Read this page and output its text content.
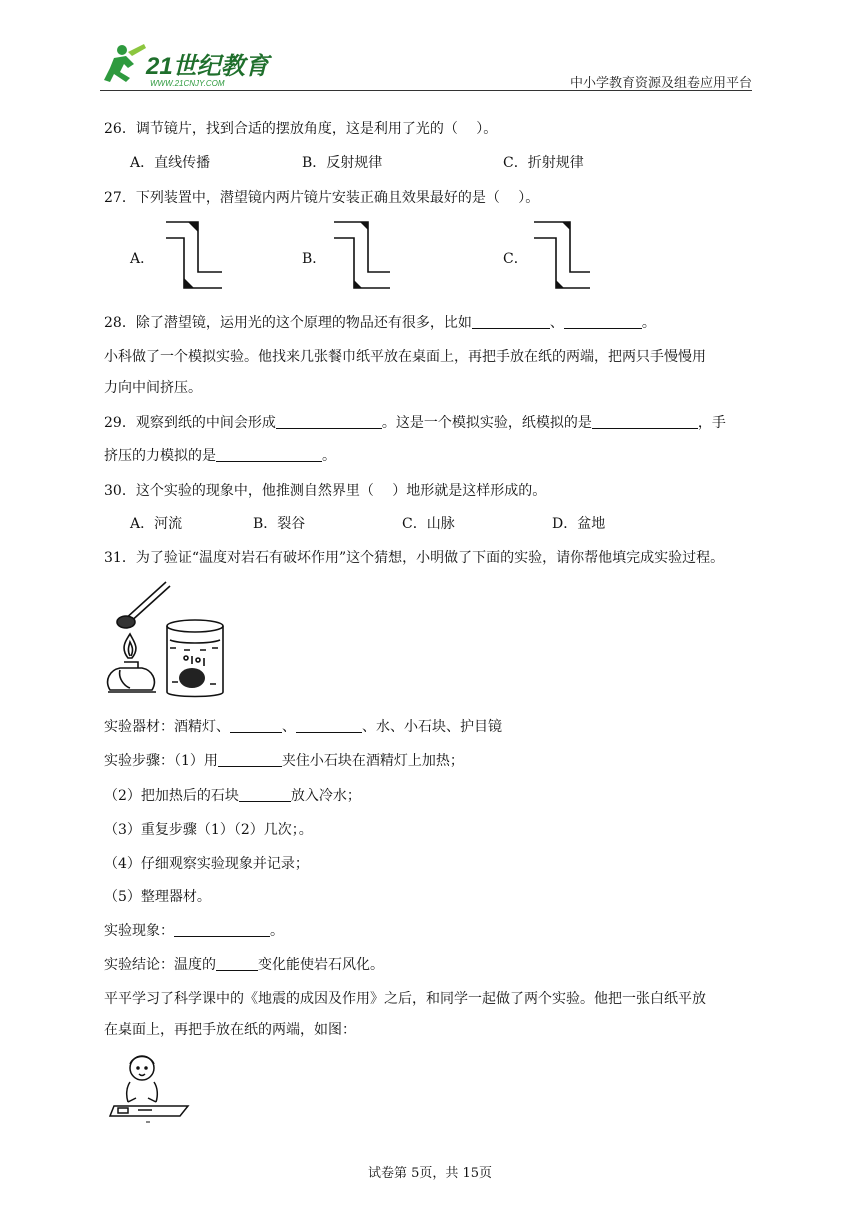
21世纪教育
WWW.21CNJY.COM	中小学教育资源及组卷应用平台
26．调节镜片，找到合适的摆放角度，这是利用了光的（　 ）。
A．直线传播	B．反射规律	C．折射规律
27．下列装置中，潜望镜内两片镜片安装正确且效果最好的是（　 ）。
A．	B．	C．
28．除了潜望镜，运用光的这个原理的物品还有很多，比如	、	。
小科做了一个模拟实验。他找来几张餐巾纸平放在桌面上，再把手放在纸的两端，把两只手慢慢用
力向中间挤压。
29．观察到纸的中间会形成	。这是一个模拟实验，纸模拟的是	，手
挤压的力模拟的是	。
30．这个实验的现象中，他推测自然界里（　 ）地形就是这样形成的。
A．河流	B．裂谷	C．山脉	D．盆地
31．为了验证“温度对岩石有破坏作用”这个猜想，小明做了下面的实验，请你帮他填完成实验过程。
实验器材：酒精灯、	、	、水、小石块、护目镜
实验步骤：（1）用	夹住小石块在酒精灯上加热；
（2）把加热后的石块	放入冷水；
（3）重复步骤（1）（2）几次；。
（4）仔细观察实验现象并记录；
（5）整理器材。
实验现象：	。
实验结论：温度的	变化能使岩石风化。
平平学习了科学课中的《地震的成因及作用》之后，和同学一起做了两个实验。他把一张白纸平放
在桌面上，再把手放在纸的两端，如图：
试卷第 5页，共 15页
